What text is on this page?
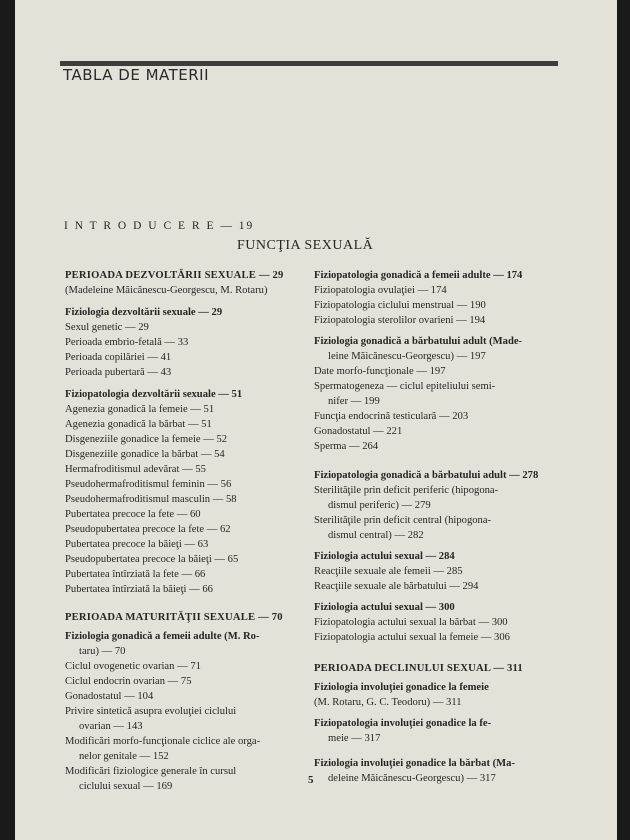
TABLA DE MATERII
I N T R O D U C E R E — 19
FUNCŢIA SEXUALĂ
PERIOADA DEZVOLTĂRII SEXUALE — 29
(Madeleine Măicănescu-Georgescu, M. Rotaru)
Fiziologia dezvoltării sexuale — 29
Sexul genetic — 29
Perioada embrio-fetală — 33
Perioada copilăriei — 41
Perioada pubertară — 43
Fiziopatologia dezvoltării sexuale — 51
Agenezia gonadică la femeie — 51
Agenezia gonadică la bărbat — 51
Disgeneziile gonadice la femeie — 52
Disgeneziile gonadice la bărbat — 54
Hermafroditismul adevărat — 55
Pseudohermafroditismul feminin — 56
Pseudohermafroditismul masculin — 58
Pubertatea precoce la fete — 60
Pseudopubertatea precoce la fete — 62
Pubertatea precoce la băieţi — 63
Pseudopubertatea precoce la băieţi — 65
Pubertatea întîrziată la fete — 66
Pubertatea întîrziată la băieţi — 66
PERIOADA MATURITĂŢII SEXUALE — 70
Fiziologia gonadică a femeii adulte (M. Ro-
taru) — 70
Ciclul ovogenetic ovarian — 71
Ciclul endocrin ovarian — 75
Gonadostatul — 104
Privire sintetică asupra evoluţiei ciclului
ovarian — 143
Modificări morfo-funcţionale ciclice ale orga-
nelor genitale — 152
Modificări fiziologice generale în cursul
ciclului sexual — 169
Fiziopatologia gonadică a femeii adulte — 174
Fiziopatologia ovulaţiei — 174
Fiziopatologia ciclului menstrual — 190
Fiziopatologia sterolilor ovarieni — 194
Fiziologia gonadică a bărbatului adult (Made-
leine Măicănescu-Georgescu) — 197
Date morfo-funcţionale — 197
Spermatogeneza — ciclul epiteliului semi-
nifer — 199
Funcţia endocrină testiculară — 203
Gonadostatul — 221
Sperma — 264
Fiziopatologia gonadică a bărbatului adult — 278
Sterilităţile prin deficit periferic (hipogona-
dismul periferic) — 279
Sterilităţile prin deficit central (hipogona-
dismul central) — 282
Fiziologia actului sexual — 284
Reacţiile sexuale ale femeii — 285
Reacţiile sexuale ale bărbatului — 294
Fiziologia actului sexual — 300
Fiziopatologia actului sexual la bărbat — 300
Fiziopatologia actului sexual la femeie — 306
PERIOADA DECLINULUI SEXUAL — 311
Fiziologia involuţiei gonadice la femeie
(M. Rotaru, G. C. Teodoru) — 311
Fiziopatologia involuţiei gonadice la fe-
meie — 317
Fiziologia involuţiei gonadice la bărbat (Ma-
deleine Măicănescu-Georgescu) — 317
5
